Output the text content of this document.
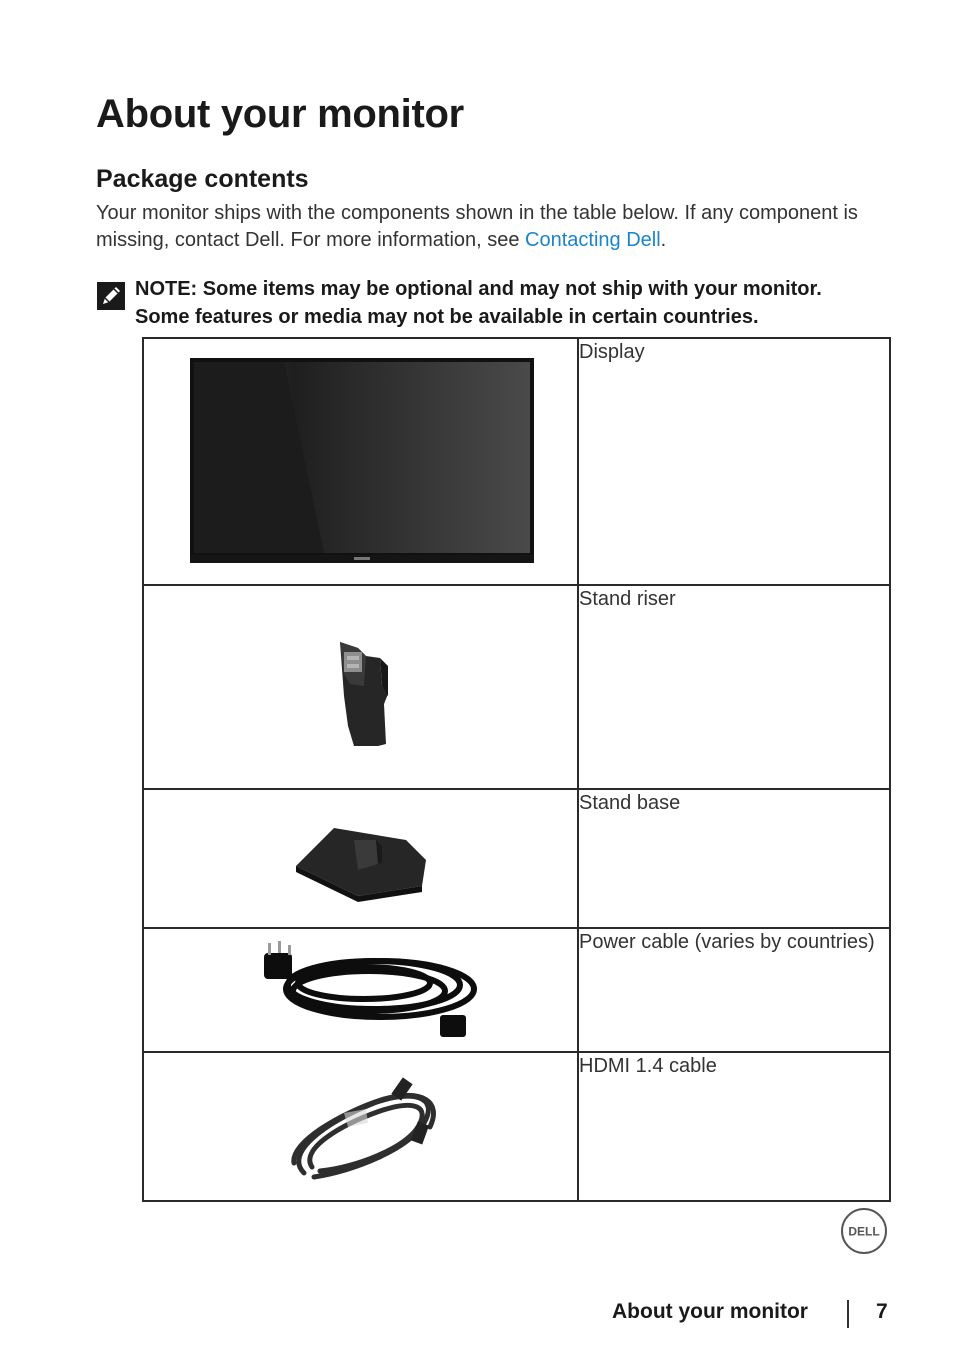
About your monitor
Package contents

Your monitor ships with the components shown in the table below. If any component is missing, contact Dell. For more information, see Contacting Dell.

NOTE: Some items may be optional and may not ship with your monitor.
Some features or media may not be available in certain countries.

	Display

	Stand riser

	Stand base

	Power cable (varies by countries)

	HDMI 1.4 cable
DELL
About your monitor	7
